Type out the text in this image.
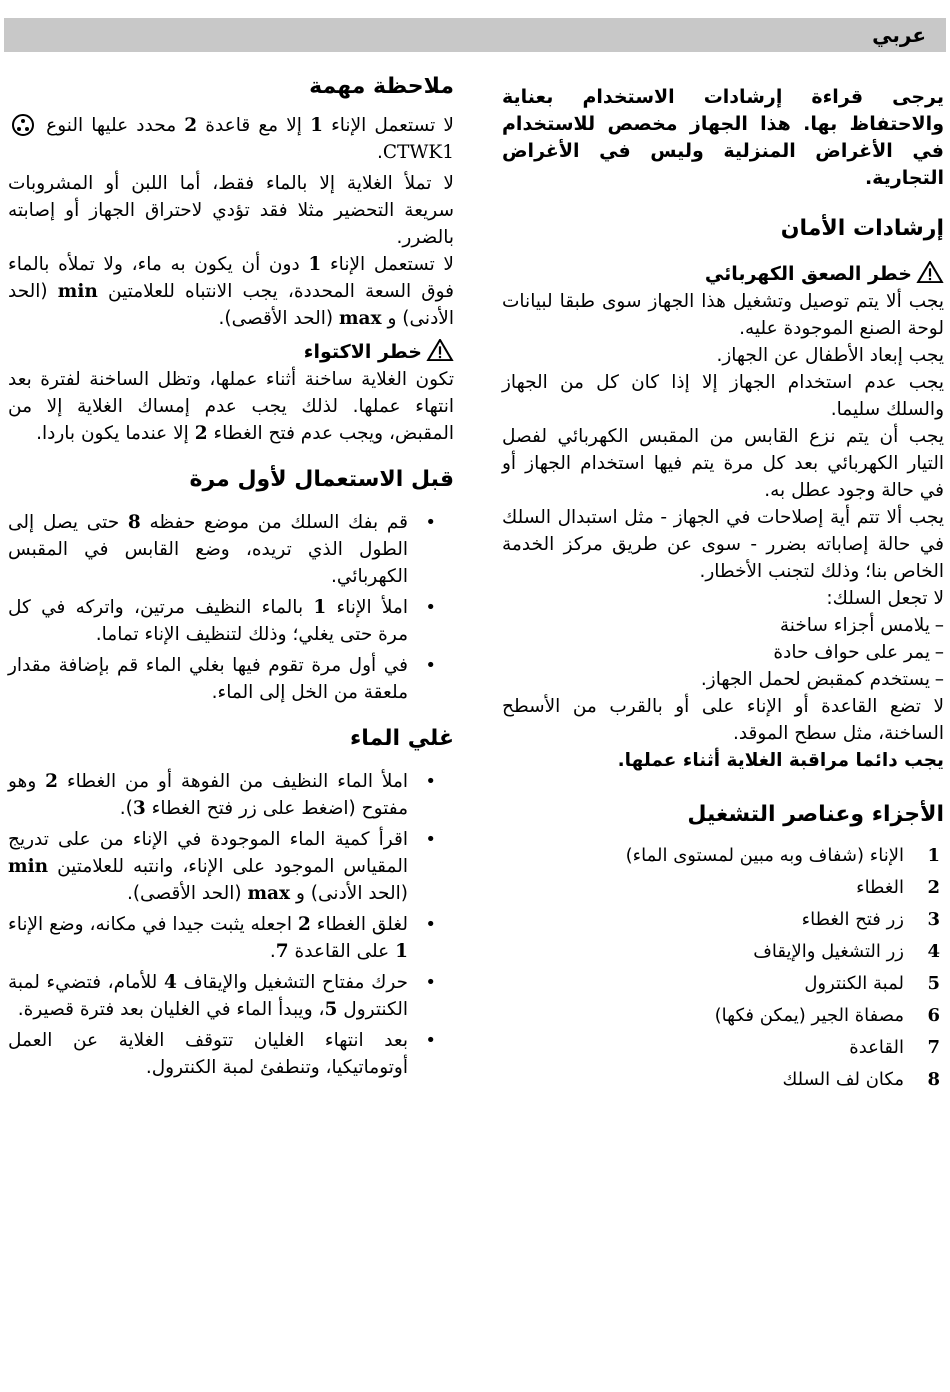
عربي

يرجى قراءة إرشادات الاستخدام بعناية والاحتفاظ بها. هذا الجهاز مخصص للاستخدام في الأغراض المنزلية وليس في الأغراض التجارية.

إرشادات الأمان
خطر الصعق الكهربائي

يجب ألا يتم توصيل وتشغيل هذا الجهاز سوى طبقا لبيانات لوحة الصنع الموجودة عليه.

يجب إبعاد الأطفال عن الجهاز.

يجب عدم استخدام الجهاز إلا إذا كان كل من الجهاز والسلك سليما.

يجب أن يتم نزع القابس من المقبس الكهربائي لفصل التيار الكهربائي بعد كل مرة يتم فيها استخدام الجهاز أو في حالة وجود عطل به.

يجب ألا تتم أية إصلاحات في الجهاز - مثل استبدال السلك في حالة إصاباته بضرر - سوى عن طريق مركز الخدمة الخاص بنا؛ وذلك لتجنب الأخطار.

لا تجعل السلك:

– يلامس أجزاء ساخنة
– يمر على حواف حادة
– يستخدم كمقبض لحمل الجهاز.

لا تضع القاعدة أو الإناء على أو بالقرب من الأسطح الساخنة، مثل سطح الموقد.

يجب دائما مراقبة الغلاية أثناء عملها.

الأجزاء وعناصر التشغيل
1
الإناء (شفاف وبه مبين لمستوى الماء)
2
الغطاء
3
زر فتح الغطاء
4
زر التشغيل والإيقاف
5
لمبة الكنترول
6
مصفاة الجير (يمكن فكها)
7
القاعدة
8
مكان لف السلك
ملاحظة مهمة

لا تستعمل الإناء 1 إلا مع قاعدة 2 محدد عليها النوع
CTWK1.

لا تملأ الغلاية إلا بالماء فقط، أما اللبن أو المشروبات سريعة التحضير مثلا فقد تؤدي لاحتراق الجهاز أو إصابته بالضرر.

لا تستعمل الإناء 1 دون أن يكون به ماء، ولا تملأه بالماء فوق السعة المحددة، يجب الانتباه للعلامتين min (الحد الأدنى) و max (الحد الأقصى).

خطر الاكتواء

تكون الغلاية ساخنة أثناء عملها، وتظل الساخنة لفترة بعد انتهاء عملها. لذلك يجب عدم إمساك الغلاية إلا من المقبض، ويجب عدم فتح الغطاء 2 إلا عندما يكون باردا.

قبل الاستعمال لأول مرة
• قم بفك السلك من موضع حفظه 8 حتى يصل إلى الطول الذي تريده، وضع القابس في المقبس الكهربائي.
• املأ الإناء 1 بالماء النظيف مرتين، واتركه في كل مرة حتى يغلي؛ وذلك لتنظيف الإناء تماما.
• في أول مرة تقوم فيها بغلي الماء قم بإضافة مقدار ملعقة من الخل إلى الماء.
غلي الماء
• املأ الماء النظيف من الفوهة أو من الغطاء 2 وهو مفتوح (اضغط على زر فتح الغطاء 3).
• اقرأ كمية الماء الموجودة في الإناء من على تدريج المقياس الموجود على الإناء، وانتبه للعلامتين min (الحد الأدنى) و max (الحد الأقصى).
• لغلق الغطاء 2 اجعله يثبت جيدا في مكانه، وضع الإناء 1 على القاعدة 7.
• حرك مفتاح التشغيل والإيقاف 4 للأمام، فتضيء لمبة الكنترول 5، ويبدأ الماء في الغليان بعد فترة قصيرة.
• بعد انتهاء الغليان تتوقف الغلاية عن العمل أوتوماتيكيا، وتنطفئ لمبة الكنترول.
